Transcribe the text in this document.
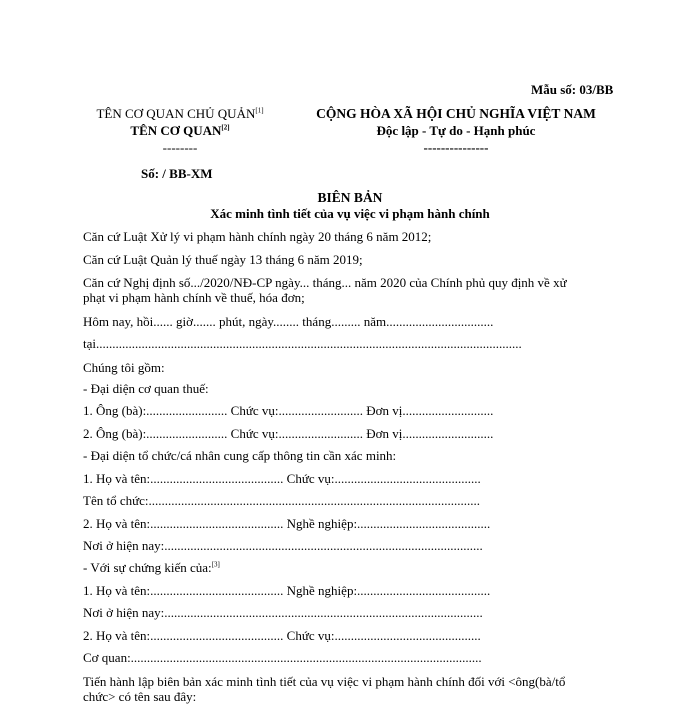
Mẫu số: 03/BB
TÊN CƠ QUAN CHỦ QUẢN[1]
TÊN CƠ QUAN[2]
--------
CỘNG HÒA XÃ HỘI CHỦ NGHĨA VIỆT NAM
Độc lập - Tự do - Hạnh phúc
---------------
Số: / BB-XM
BIÊN BẢN
Xác minh tình tiết của vụ việc vi phạm hành chính
Căn cứ Luật Xử lý vi phạm hành chính ngày 20 tháng 6 năm 2012;
Căn cứ Luật Quản lý thuế ngày 13 tháng 6 năm 2019;
Căn cứ Nghị định số.../2020/NĐ-CP ngày... tháng... năm 2020 của Chính phủ quy định về xử
phạt vi phạm hành chính về thuế, hóa đơn;
Hôm nay, hồi...... giờ....... phút, ngày........ tháng......... năm.................................
tại...................................................................................................................................
Chúng tôi gồm:
- Đại diện cơ quan thuế:
1. Ông (bà):......................... Chức vụ:.......................... Đơn vị............................
2. Ông (bà):......................... Chức vụ:.......................... Đơn vị............................
- Đại diện tổ chức/cá nhân cung cấp thông tin cần xác minh:
1. Họ và tên:......................................... Chức vụ:.............................................
Tên tổ chức:......................................................................................................
2. Họ và tên:......................................... Nghề nghiệp:.........................................
Nơi ở hiện nay:..................................................................................................
- Với sự chứng kiến của:[3]
1. Họ và tên:......................................... Nghề nghiệp:.........................................
Nơi ở hiện nay:..................................................................................................
2. Họ và tên:......................................... Chức vụ:.............................................
Cơ quan:............................................................................................................
Tiến hành lập biên bản xác minh tình tiết của vụ việc vi phạm hành chính đối với <ông(bà/tổ
chức> có tên sau đây:
